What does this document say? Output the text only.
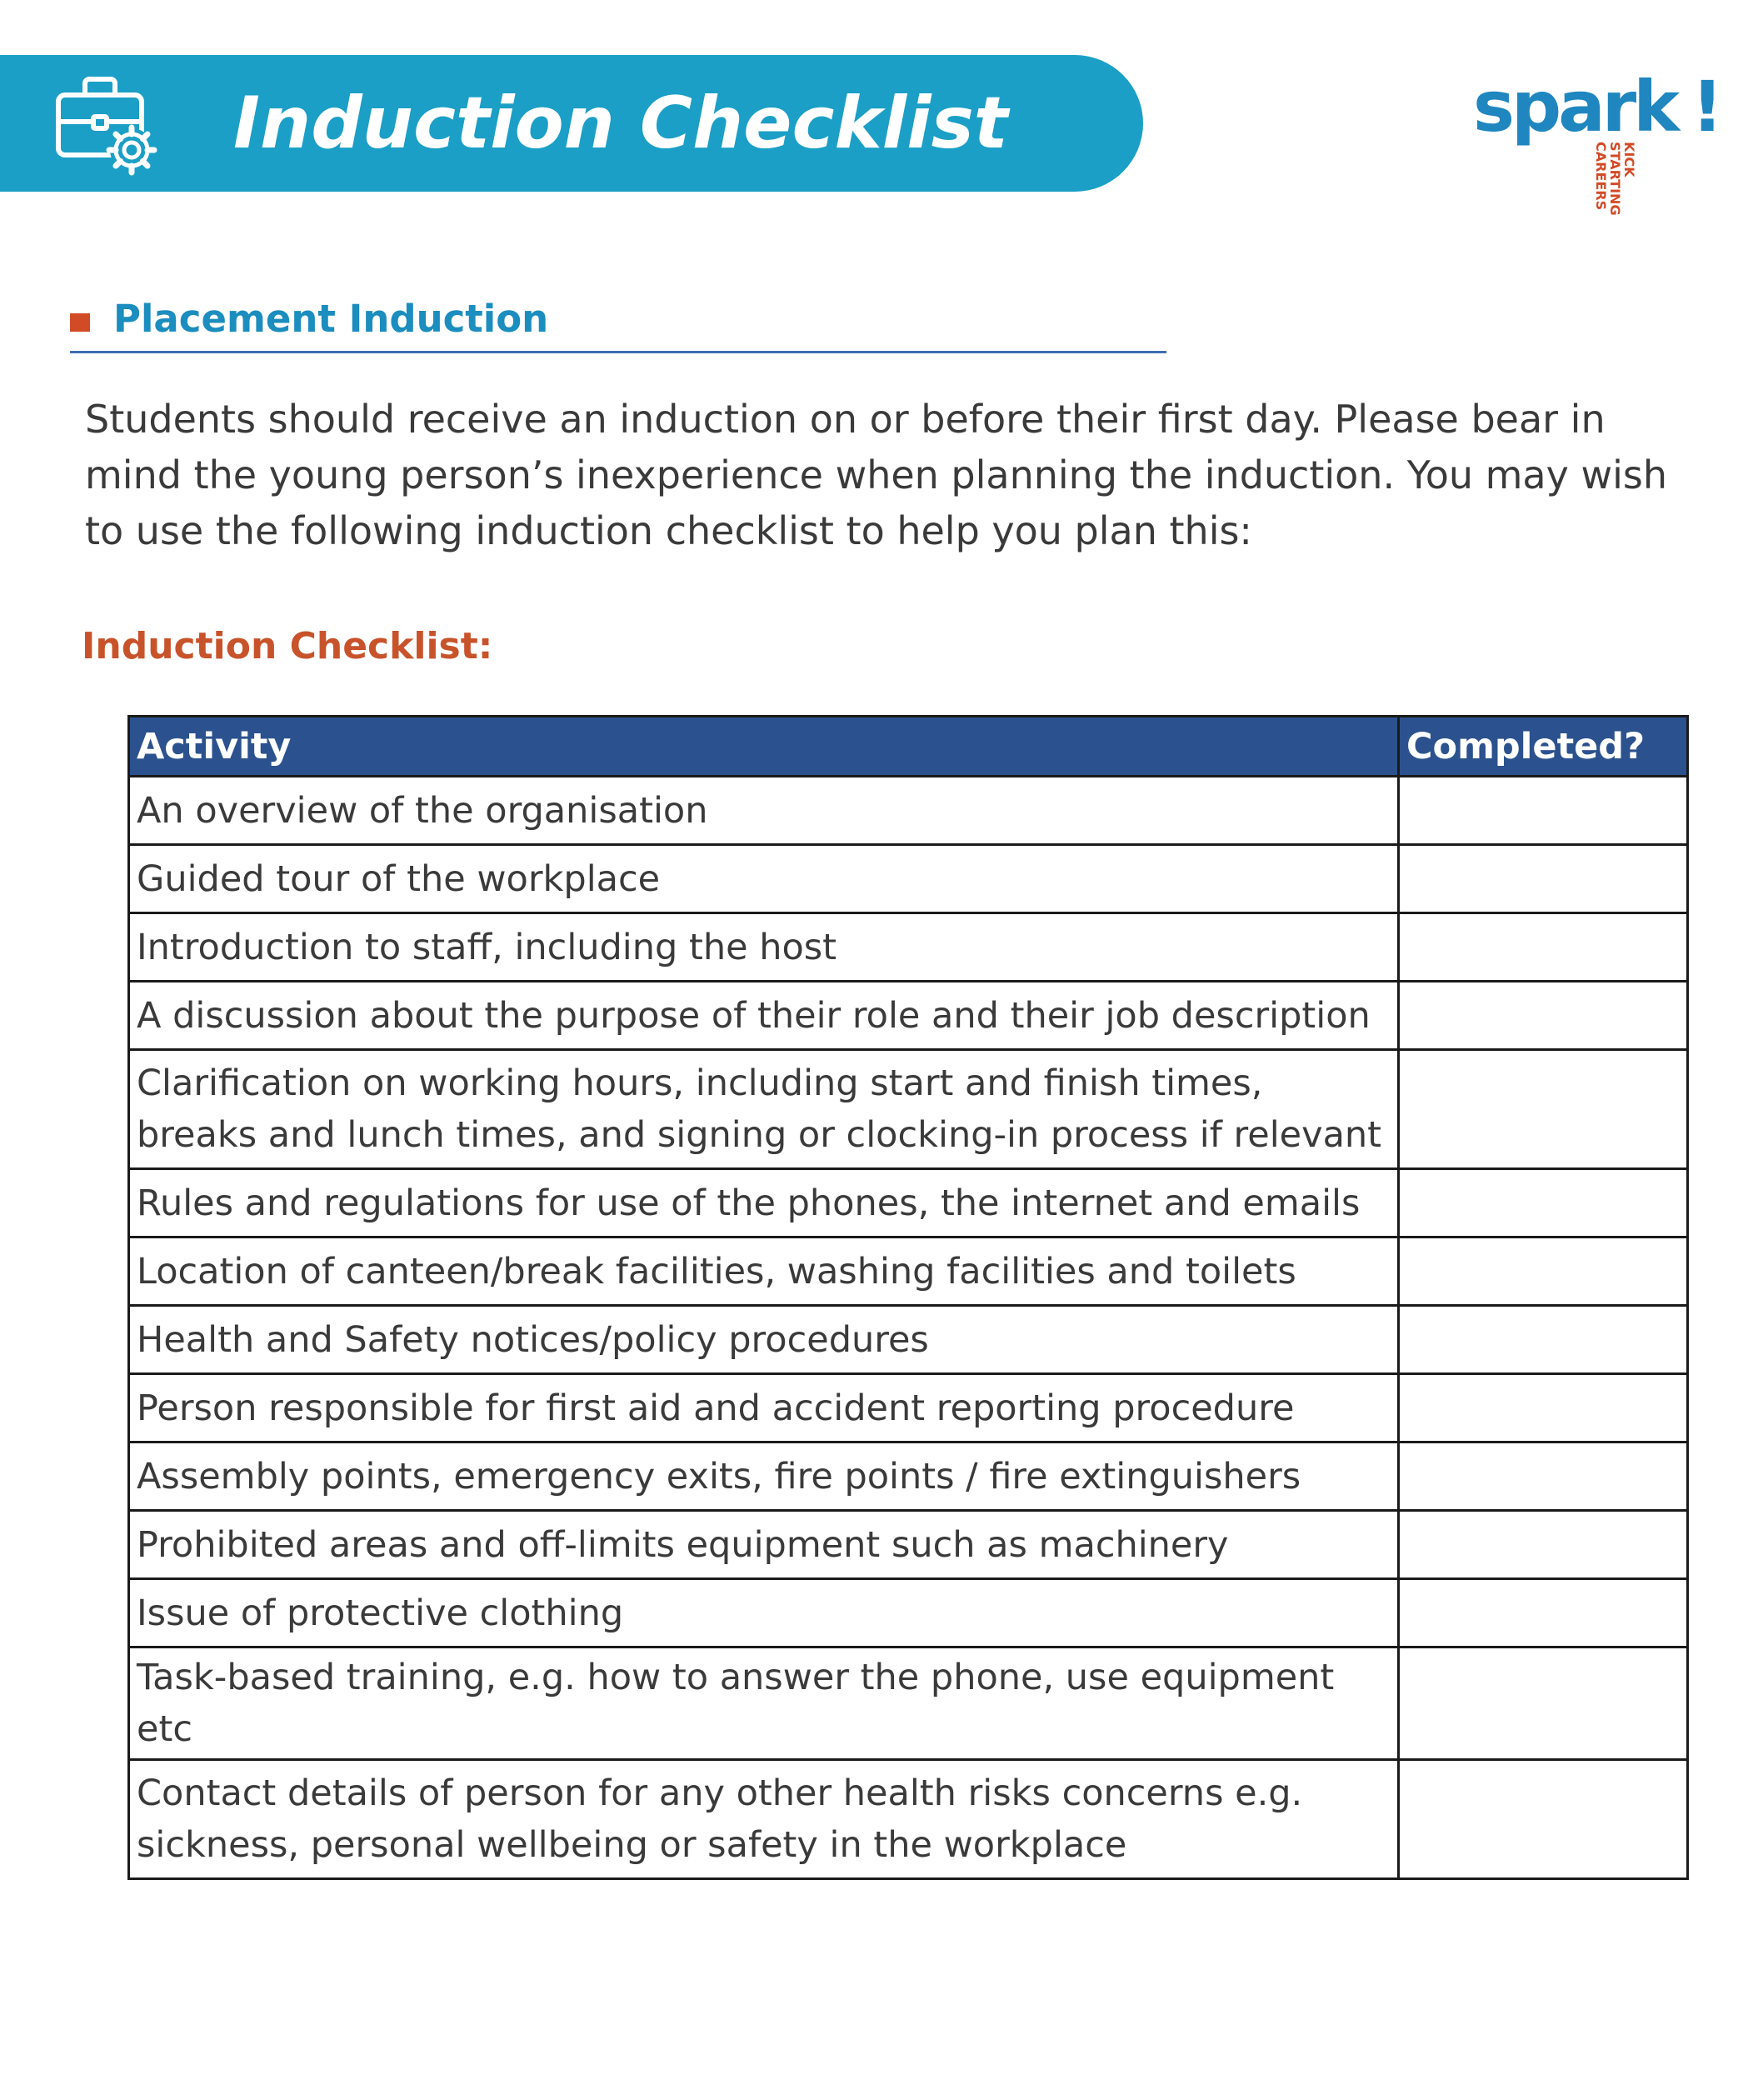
Induction Checklist	spark !
KICK
STARTING
CAREERS
Placement Induction
Students should receive an induction on or before their first day. Please bear in mind the young person’s inexperience when planning the induction. You may wish to use the following induction checklist to help you plan this:
Induction Checklist:
Activity	Completed?
An overview of the organisation	
Guided tour of the workplace	
Introduction to staff, including the host	
A discussion about the purpose of their role and their job description	
Clarification on working hours, including start and finish times, breaks and lunch times, and signing or clocking-in process if relevant	
Rules and regulations for use of the phones, the internet and emails	
Location of canteen/break facilities, washing facilities and toilets	
Health and Safety notices/policy procedures	
Person responsible for first aid and accident reporting procedure	
Assembly points, emergency exits, fire points / fire extinguishers	
Prohibited areas and off-limits equipment such as machinery	
Issue of protective clothing	
Task-based training, e.g. how to answer the phone, use equipment etc	
Contact details of person for any other health risks concerns e.g. sickness, personal wellbeing or safety in the workplace	
